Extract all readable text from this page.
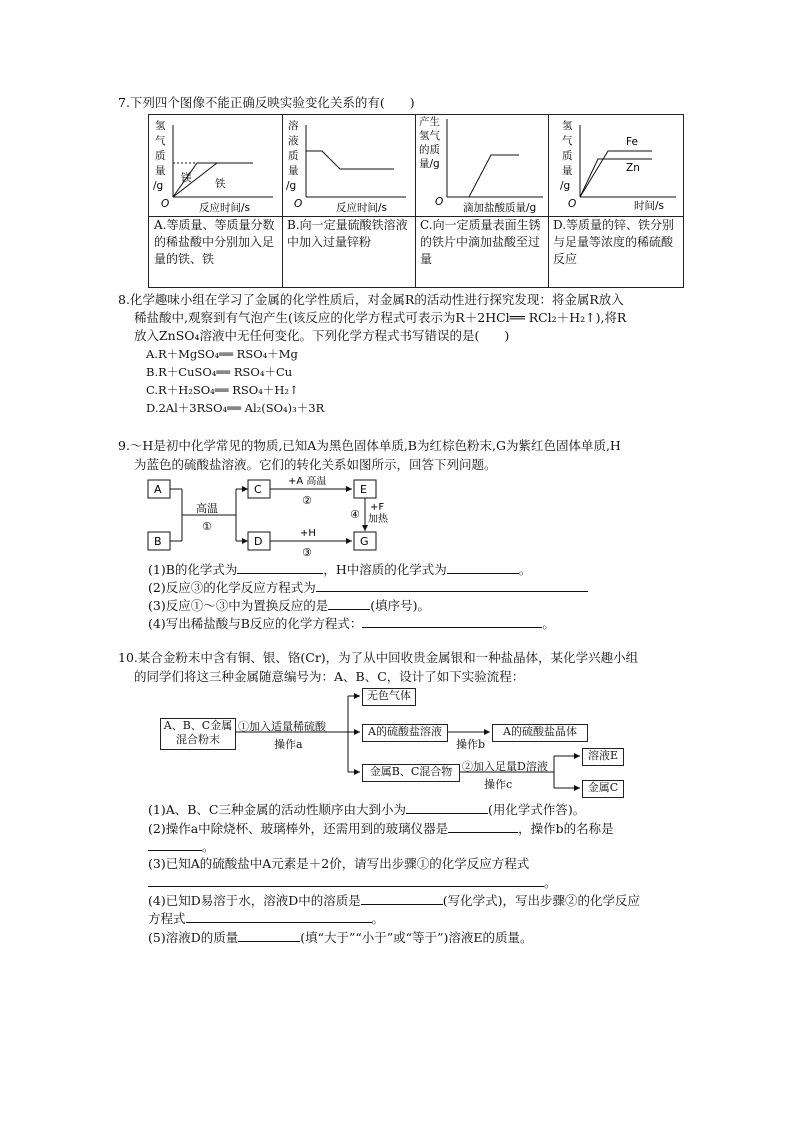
7.下列四个图像不能正确反映实验变化关系的有(　　)
氢
气
质
量
/g
O	反应时间/s
镁 铁
A.等质量、等质量分数的稀盐酸中分别加入足量的铁、铁
溶
液
质
量
/g
O	反应时间/s
B.向一定量硫酸铁溶液中加入过量锌粉
产生
氢气
的质
量/g
O 滴加盐酸质量/g
C.向一定质量表面生锈的铁片中滴加盐酸至过量
氢
气
质
量
/g
O	时间/s
Fe
Zn
D.等质量的锌、铁分别与足量等浓度的稀硫酸反应
8.化学趣味小组在学习了金属的化学性质后，对金属R的活动性进行探究发现：将金属R放入
稀盐酸中,观察到有气泡产生(该反应的化学方程式可表示为R＋2HCl══ RCl₂＋H₂↑),将R
放入ZnSO₄溶液中无任何变化。下列化学方程式书写错误的是(　　)
A.R＋MgSO₄══ RSO₄＋Mg
B.R＋CuSO₄══ RSO₄＋Cu
C.R＋H₂SO₄══ RSO₄＋H₂↑
D.2Al＋3RSO₄══ Al₂(SO₄)₃＋3R
9.～H是初中化学常见的物质,已知A为黑色固体单质,B为红棕色粉末,G为紫红色固体单质,H
为蓝色的硫酸盐溶液。它们的转化关系如图所示，回答下列问题。
A
B
C
D
E
G
高温
①
+A 高温
②
+H
③
④
+F
加热
(1)B的化学式为	，H中溶质的化学式为	。
(2)反应③的化学反应方程式为
(3)反应①～③中为置换反应的是	(填序号)。
(4)写出稀盐酸与B反应的化学方程式：	。
10.某合金粉末中含有铜、银、铬(Cr)，为了从中回收贵金属银和一种盐晶体，某化学兴趣小组
的同学们将这三种金属随意编号为：A、B、C，设计了如下实验流程：
A、B、C金属混合粉末
①加入适量稀硫酸
操作a
无色气体
A的硫酸盐溶液
操作b
A的硫酸盐晶体
金属B、C混合物 ②加入足量D溶液
操作c
溶液E
金属C
(1)A、B、C三种金属的活动性顺序由大到小为	(用化学式作答)。
(2)操作a中除烧杯、玻璃棒外，还需用到的玻璃仪器是	，操作b的名称是
。
(3)已知A的硫酸盐中A元素是＋2价，请写出步骤①的化学反应方程式
。
(4)已知D易溶于水，溶液D中的溶质是	(写化学式)，写出步骤②的化学反应
方程式	。
(5)溶液D的质量	(填“大于”“小于”或“等于”)溶液E的质量。
